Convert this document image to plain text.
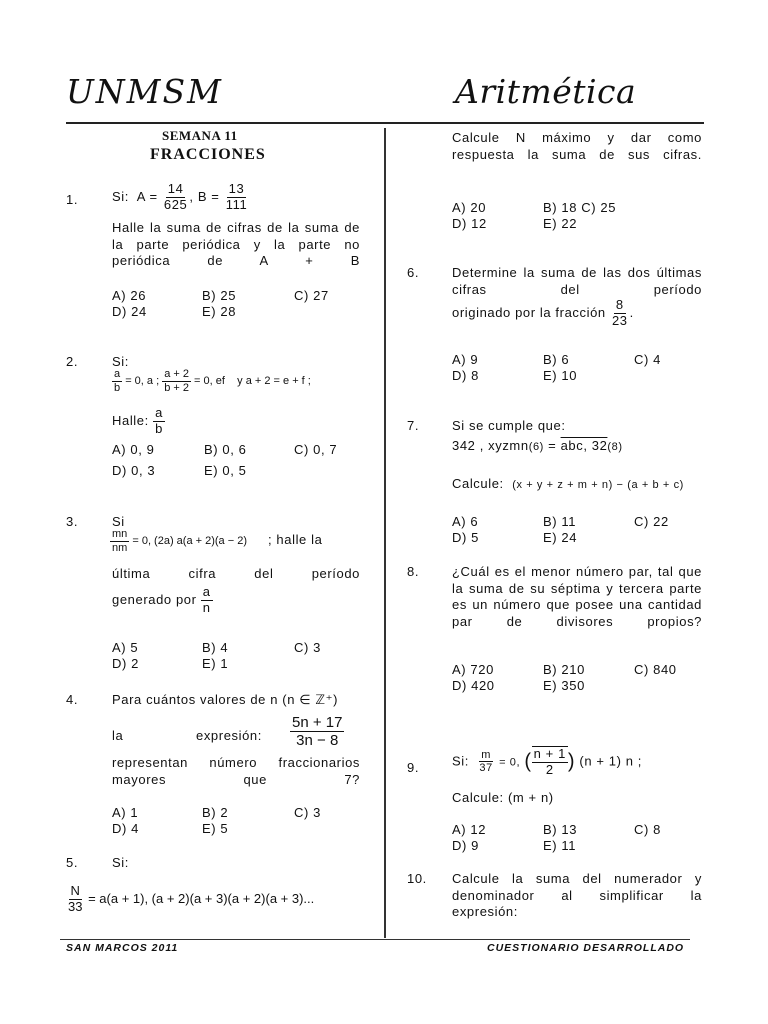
UNMSM	Aritmética
SEMANA 11
FRACCIONES
1.	Si: $A = \frac{14}{625}$ , $B = \frac{13}{111}$
Halle la suma de cifras de la suma de la parte periódica y la parte no periódica de A + B
A) 26	B) 25	C) 27
D) 24	E) 28
2.	Si:
$\frac{a}{b} = 0$, a ; $\frac{a + 2}{b + 2} = 0$, ef y a + 2 = e + f ;
Halle: $\frac{a}{b}$
A) 0, 9	B) 0, 6	C) 0, 7
D) 0, 3	E) 0, 5
3.	Si
$\frac{mn}{nm} = 0$, (2a) a(a + 2)(a − 2) ; halle la
última cifra del período
generado por $\frac{a}{n}$
A) 5	B) 4	C) 3
D) 2	E) 1
4.	Para cuántos valores de n (n ∈ ℤ⁺)
la	expresión: $\frac{5n + 17}{3n - 8}$
representan número fraccionarios mayores que 7?
A) 1	B) 2	C) 3
D) 4	E) 5
5.	Si:
$\frac{N}{33} = a(a + 1)$, (a + 2)(a + 3)(a + 2)(a + 3)...
Calcule N máximo y dar como respuesta la suma de sus cifras.
A) 20	B) 18 C) 25
D) 12	E) 22
6.	Determine la suma de las dos últimas cifras del período
originado por la fracción $\frac{8}{23}$ .
A) 9	B) 6	C) 4
D) 8	E) 10
7.	Si se cumple que:
342 , xyzmn(6) = abc, 32(8)
Calcule: (x + y + z + m + n) − (a + b + c)
A) 6	B) 11	C) 22
D) 5	E) 24
8.	¿Cuál es el menor número par, tal que la suma de su séptima y tercera parte es un número que posee una cantidad par de divisores propios?
A) 720	B) 210	C) 840
D) 420	E) 350
9.	Si: $\frac{m}{37} = 0$, ( $\frac{n + 1}{2}$ ) (n + 1) n ;
Calcule: (m + n)
A) 12	B) 13	C) 8
D) 9	E) 11
10. Calcule la suma del numerador y denominador al simplificar la expresión:
SAN MARCOS 2011	CUESTIONARIO DESARROLLADO
